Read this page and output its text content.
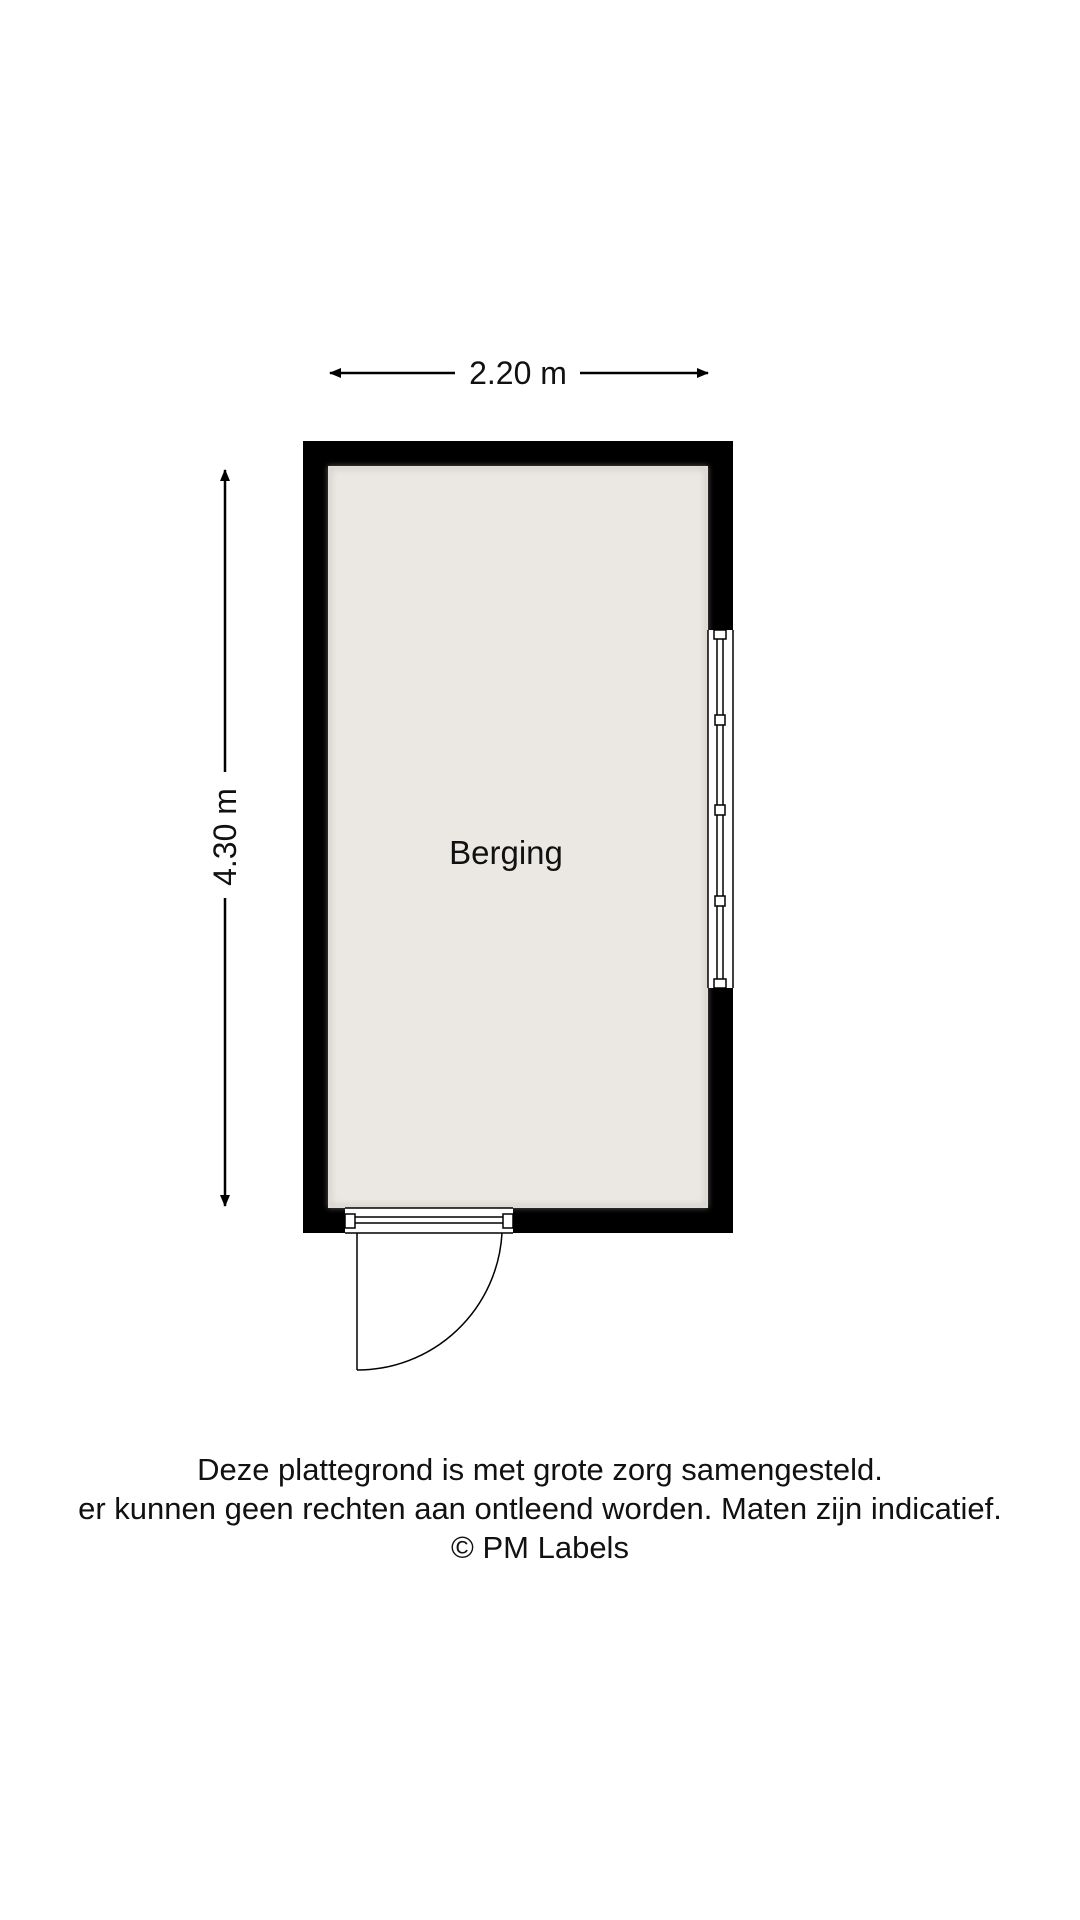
2.20 m
4.30 m	Berging
Deze plattegrond is met grote zorg samengesteld.
er kunnen geen rechten aan ontleend worden. Maten zijn indicatief.
© PM Labels
